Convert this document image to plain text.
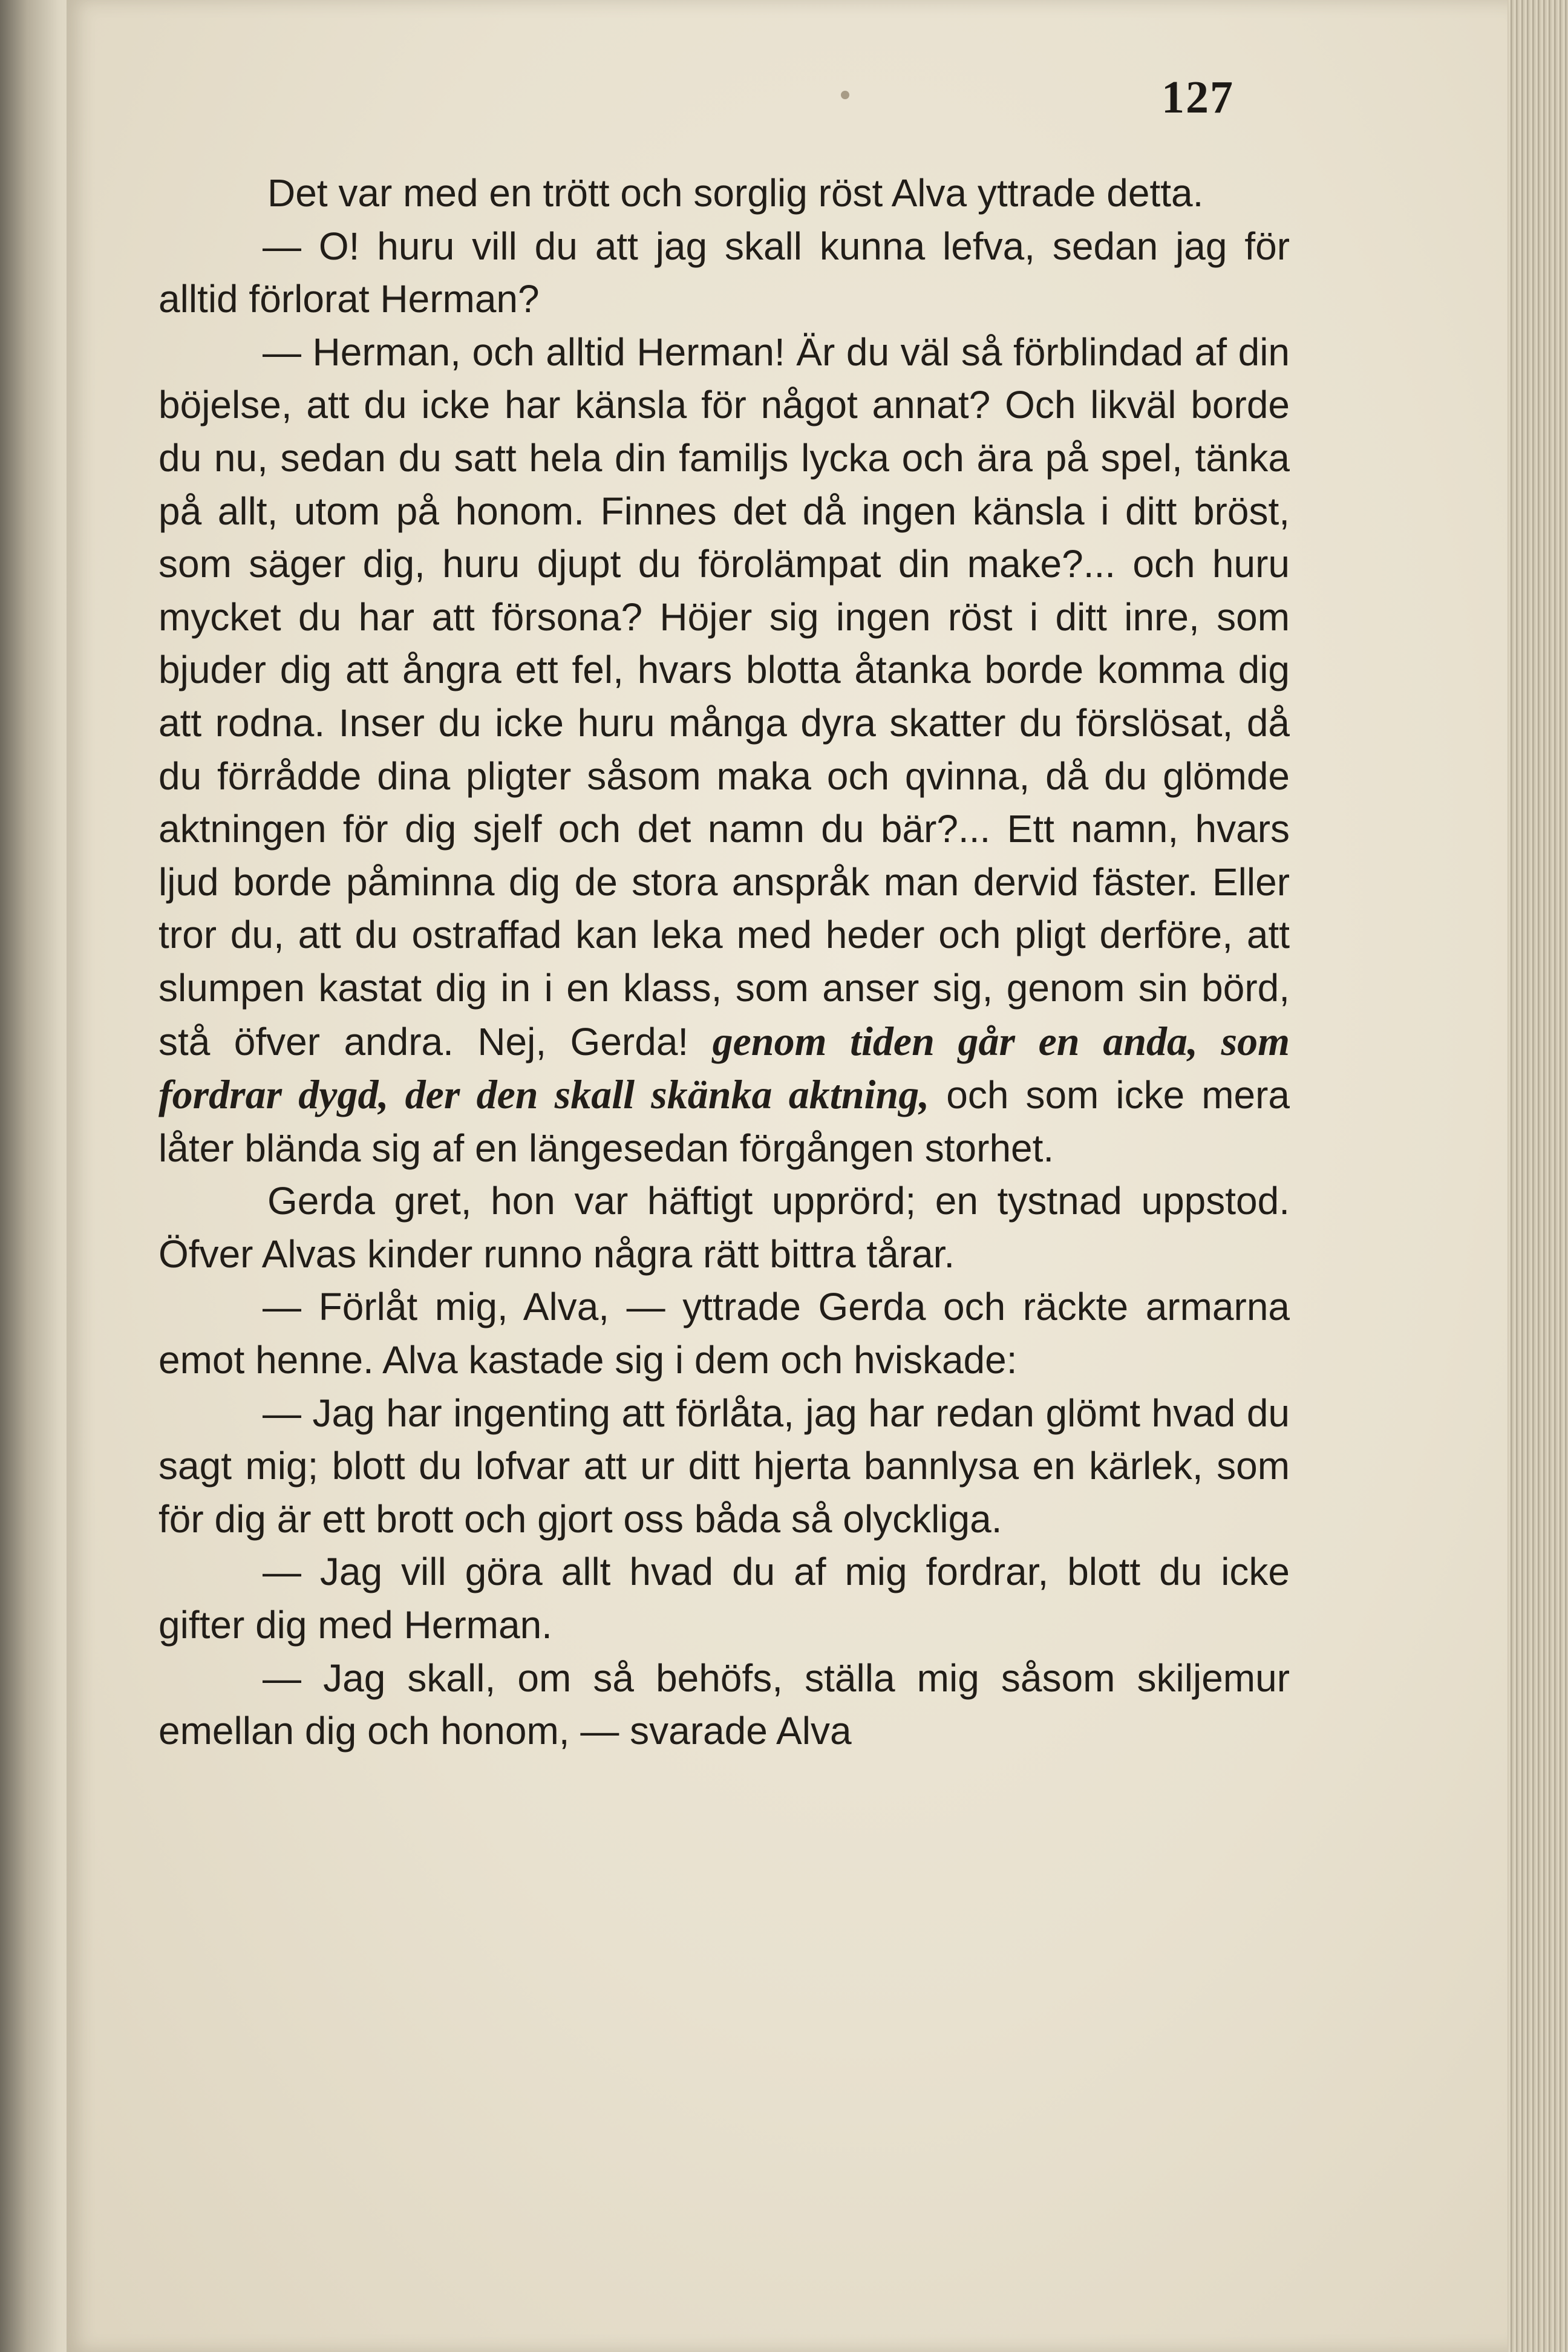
127

Det var med en trött och sorglig röst Alva yttrade detta.

— O! huru vill du att jag skall kunna lefva, sedan jag för alltid förlorat Herman?

— Herman, och alltid Herman! Är du väl så förblindad af din böjelse, att du icke har känsla för något annat? Och likväl borde du nu, sedan du satt hela din familjs lycka och ära på spel, tänka på allt, utom på honom. Finnes det då ingen känsla i ditt bröst, som säger dig, huru djupt du förolämpat din make?... och huru mycket du har att försona? Höjer sig ingen röst i ditt inre, som bjuder dig att ångra ett fel, hvars blotta åtanka borde komma dig att rodna. Inser du icke huru många dyra skatter du förslösat, då du förrådde dina pligter såsom maka och qvinna, då du glömde aktningen för dig sjelf och det namn du bär?... Ett namn, hvars ljud borde påminna dig de stora anspråk man dervid fäster. Eller tror du, att du ostraffad kan leka med heder och pligt derföre, att slumpen kastat dig in i en klass, som anser sig, genom sin börd, stå öfver andra. Nej, Gerda! genom tiden går en anda, som fordrar dygd, der den skall skänka aktning, och som icke mera låter blända sig af en längesedan förgången storhet.

Gerda gret, hon var häftigt upprörd; en tystnad uppstod. Öfver Alvas kinder runno några rätt bittra tårar.

— Förlåt mig, Alva, — yttrade Gerda och räckte armarna emot henne. Alva kastade sig i dem och hviskade:

— Jag har ingenting att förlåta, jag har redan glömt hvad du sagt mig; blott du lofvar att ur ditt hjerta bannlysa en kärlek, som för dig är ett brott och gjort oss båda så olyckliga.

— Jag vill göra allt hvad du af mig fordrar, blott du icke gifter dig med Herman.

— Jag skall, om så behöfs, ställa mig såsom skiljemur emellan dig och honom, — svarade Alva
